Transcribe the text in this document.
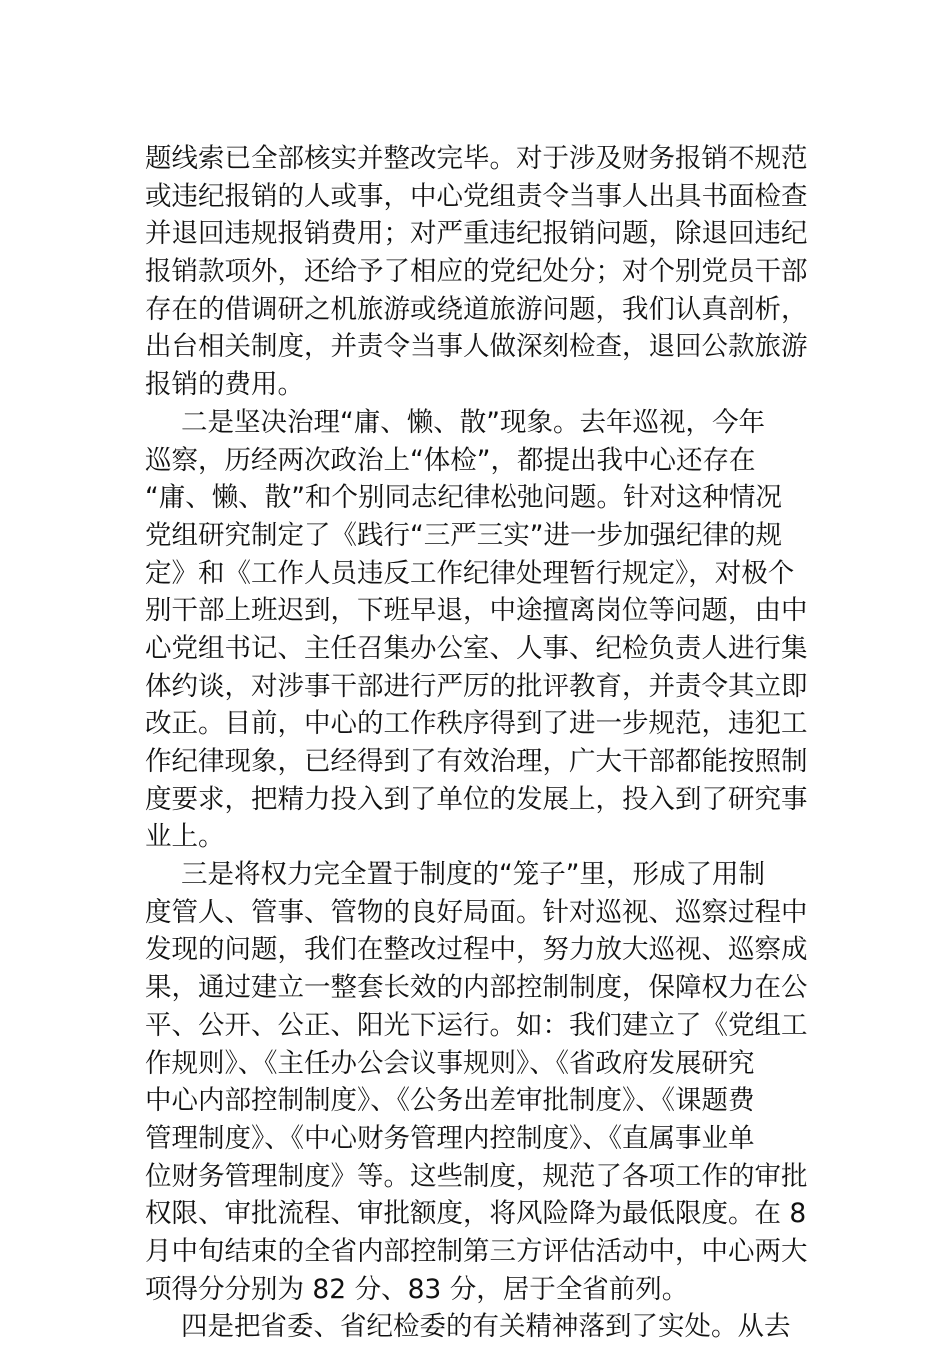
题线索已全部核实并整改完毕。对于涉及财务报销不规范
或违纪报销的人或事，中心党组责令当事人出具书面检查
并退回违规报销费用；对严重违纪报销问题，除退回违纪
报销款项外，还给予了相应的党纪处分；对个别党员干部
存在的借调研之机旅游或绕道旅游问题，我们认真剖析，
出台相关制度，并责令当事人做深刻检查，退回公款旅游
报销的费用。
二是坚决治理“庸、懒、散”现象。去年巡视，今年
巡察，历经两次政治上“体检”，都提出我中心还存在
“庸、懒、散”和个别同志纪律松弛问题。针对这种情况
党组研究制定了《践行“三严三实”进一步加强纪律的规
定》和《工作人员违反工作纪律处理暂行规定》，对极个
别干部上班迟到，下班早退，中途擅离岗位等问题，由中
心党组书记、主任召集办公室、人事、纪检负责人进行集
体约谈，对涉事干部进行严厉的批评教育，并责令其立即
改正。目前，中心的工作秩序得到了进一步规范，违犯工
作纪律现象，已经得到了有效治理，广大干部都能按照制
度要求，把精力投入到了单位的发展上，投入到了研究事
业上。
三是将权力完全置于制度的“笼子”里，形成了用制
度管人、管事、管物的良好局面。针对巡视、巡察过程中
发现的问题，我们在整改过程中，努力放大巡视、巡察成
果，通过建立一整套长效的内部控制制度，保障权力在公
平、公开、公正、阳光下运行。如：我们建立了《党组工
作规则》、《主任办公会议事规则》、《省政府发展研究
中心内部控制制度》、《公务出差审批制度》、《课题费
管理制度》、《中心财务管理内控制度》、《直属事业单
位财务管理制度》等。这些制度，规范了各项工作的审批
权限、审批流程、审批额度，将风险降为最低限度。在 8
月中旬结束的全省内部控制第三方评估活动中，中心两大
项得分分别为 82 分、83 分，居于全省前列。
四是把省委、省纪检委的有关精神落到了实处。从去
